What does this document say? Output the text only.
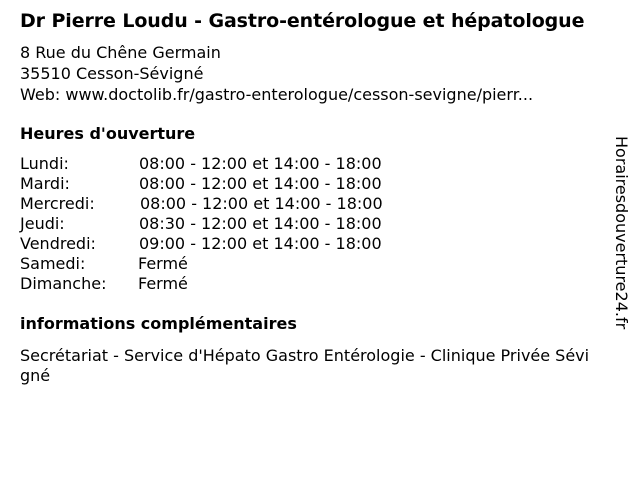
Dr Pierre Loudu - Gastro-entérologue et hépatologue
8 Rue du Chêne Germain
35510 Cesson-Sévigné
Web: www.doctolib.fr/gastro-enterologue/cesson-sevigne/pierr...
Heures d'ouverture
Lundi:	08:00 - 12:00 et 14:00 - 18:00
Mardi:	08:00 - 12:00 et 14:00 - 18:00
Mercredi:	08:00 - 12:00 et 14:00 - 18:00
Jeudi:	08:30 - 12:00 et 14:00 - 18:00
Vendredi:	09:00 - 12:00 et 14:00 - 18:00
Samedi:	Fermé
Dimanche: Fermé
informations complémentaires
Secrétariat - Service d'Hépato Gastro Entérologie - Clinique Privée Sévigné
Horairesdouverture24.fr
